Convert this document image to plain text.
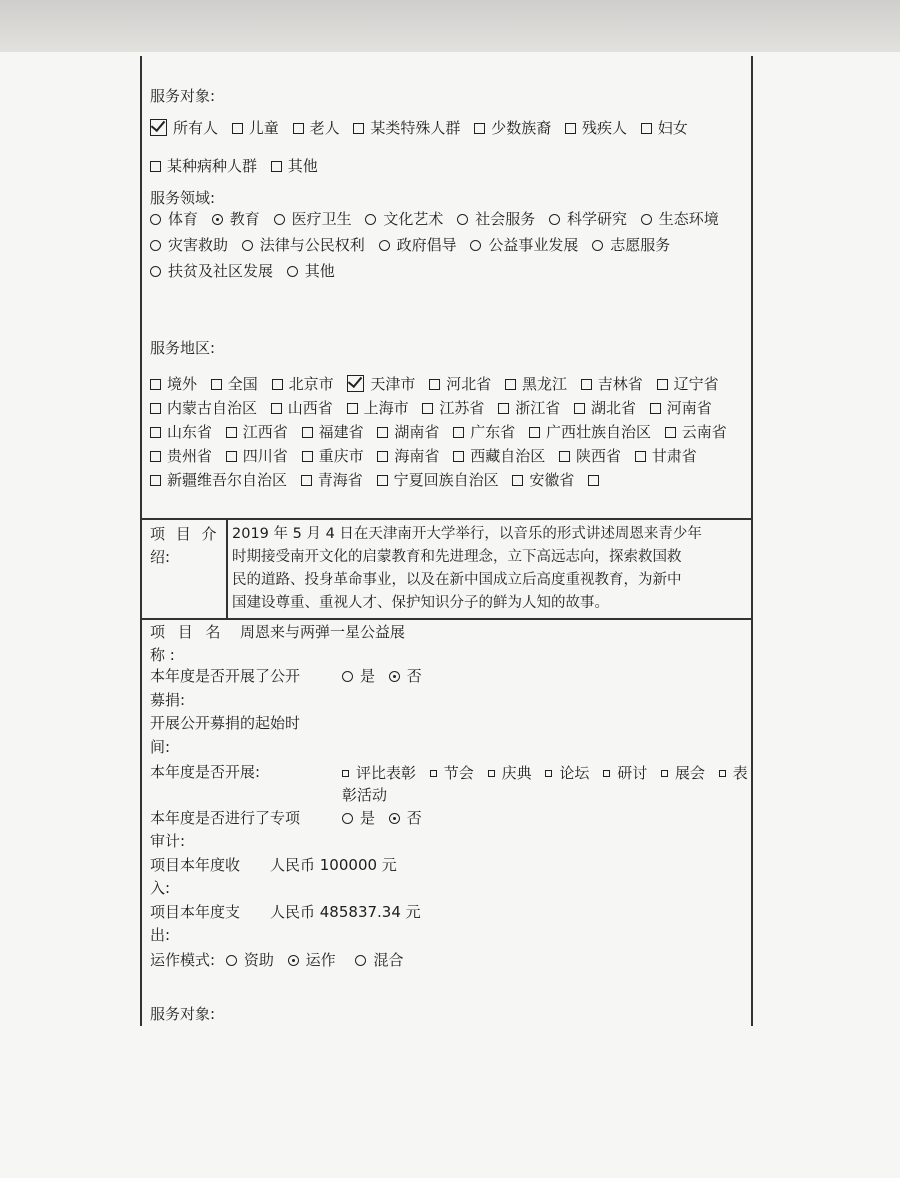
服务对象:
所有人 儿童 老人 某类特殊人群 少数族裔 残疾人 妇女
某种病种人群 其他
服务领域:
体育 教育 医疗卫生 文化艺术 社会服务 科学研究 生态环境 灾害救助 法律与公民权利 政府倡导 公益事业发展 志愿服务 扶贫及社区发展 其他
服务地区:
境外 全国 北京市 天津市 河北省 黑龙江 吉林省 辽宁省 内蒙古自治区 山西省 上海市 江苏省 浙江省 湖北省 河南省 山东省 江西省 福建省 湖南省 广东省 广西壮族自治区 云南省 贵州省 四川省 重庆市 海南省 西藏自治区 陕西省 甘肃省 新疆维吾尔自治区 青海省 宁夏回族自治区 安徽省
项 目 介
绍:
2019 年 5 月 4 日在天津南开大学举行，以音乐的形式讲述周恩来青少年
时期接受南开文化的启蒙教育和先进理念，立下高远志向，探索救国救
民的道路、投身革命事业，以及在新中国成立后高度重视教育，为新中
国建设尊重、重视人才、保护知识分子的鲜为人知的故事。
项 目 名
称 :
周恩来与两弹一星公益展
本年度是否开展了公开
募捐:
是 否
开展公开募捐的起始时
间:
本年度是否开展:	评比表彰 节会 庆典 论坛 研讨 展会 表
彰活动
本年度是否进行了专项
审计:
是 否
项目本年度收
入:
人民币 100000 元
项目本年度支
出:
人民币 485837.34 元
运作模式: 资助 运作	混合
服务对象:
